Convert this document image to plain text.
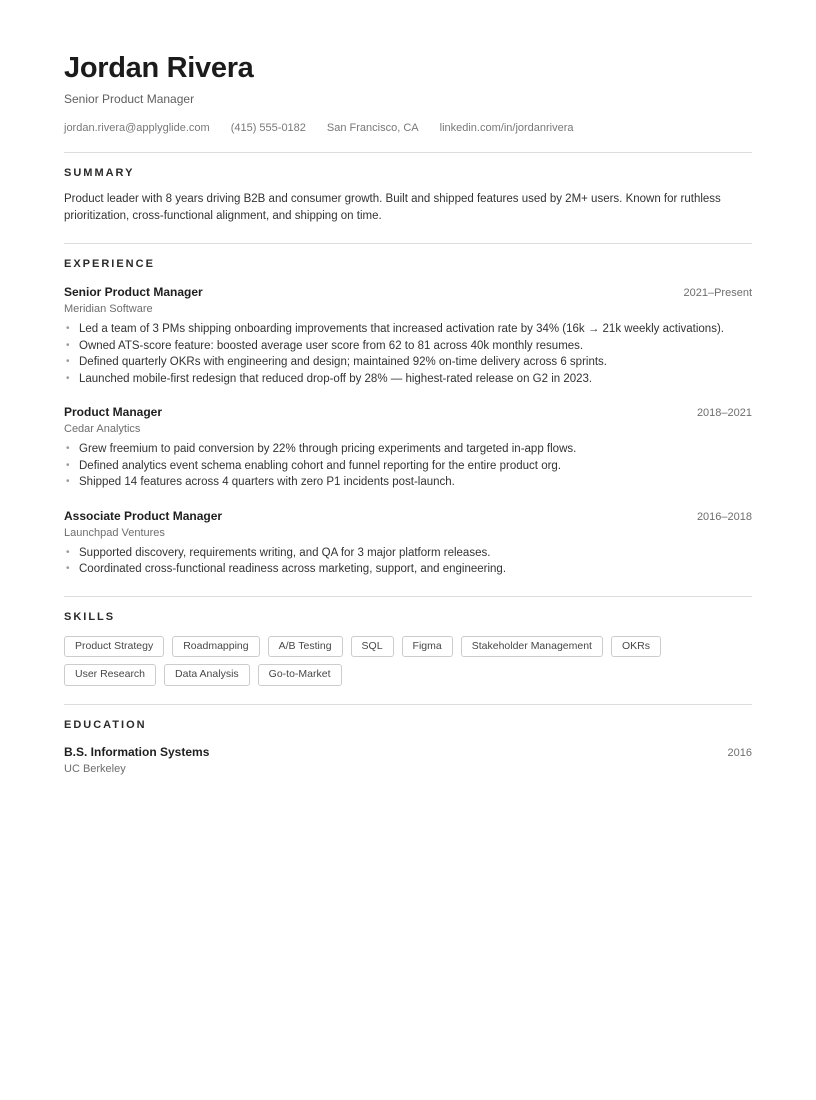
Jordan Rivera
Senior Product Manager
jordan.rivera@applyglide.com (415) 555-0182 San Francisco, CA linkedin.com/in/jordanrivera
SUMMARY

Product leader with 8 years driving B2B and consumer growth. Built and shipped features used by 2M+ users. Known for ruthless prioritization, cross-functional alignment, and shipping on time.

EXPERIENCE
Senior Product Manager	2021–Present
Meridian Software
• Led a team of 3 PMs shipping onboarding improvements that increased activation rate by 34% (16k → 21k weekly activations).
• Owned ATS-score feature: boosted average user score from 62 to 81 across 40k monthly resumes.
• Defined quarterly OKRs with engineering and design; maintained 92% on-time delivery across 6 sprints.
• Launched mobile-first redesign that reduced drop-off by 28% — highest-rated release on G2 in 2023.
Product Manager	2018–2021
Cedar Analytics
• Grew freemium to paid conversion by 22% through pricing experiments and targeted in-app flows.
• Defined analytics event schema enabling cohort and funnel reporting for the entire product org.
• Shipped 14 features across 4 quarters with zero P1 incidents post-launch.
Associate Product Manager	2016–2018
Launchpad Ventures
• Supported discovery, requirements writing, and QA for 3 major platform releases.
• Coordinated cross-functional readiness across marketing, support, and engineering.
SKILLS
Product Strategy	Roadmapping	A/B Testing	SQL	Figma	Stakeholder Management	OKRs
User Research	Data Analysis	Go-to-Market
EDUCATION
B.S. Information Systems	2016
UC Berkeley
